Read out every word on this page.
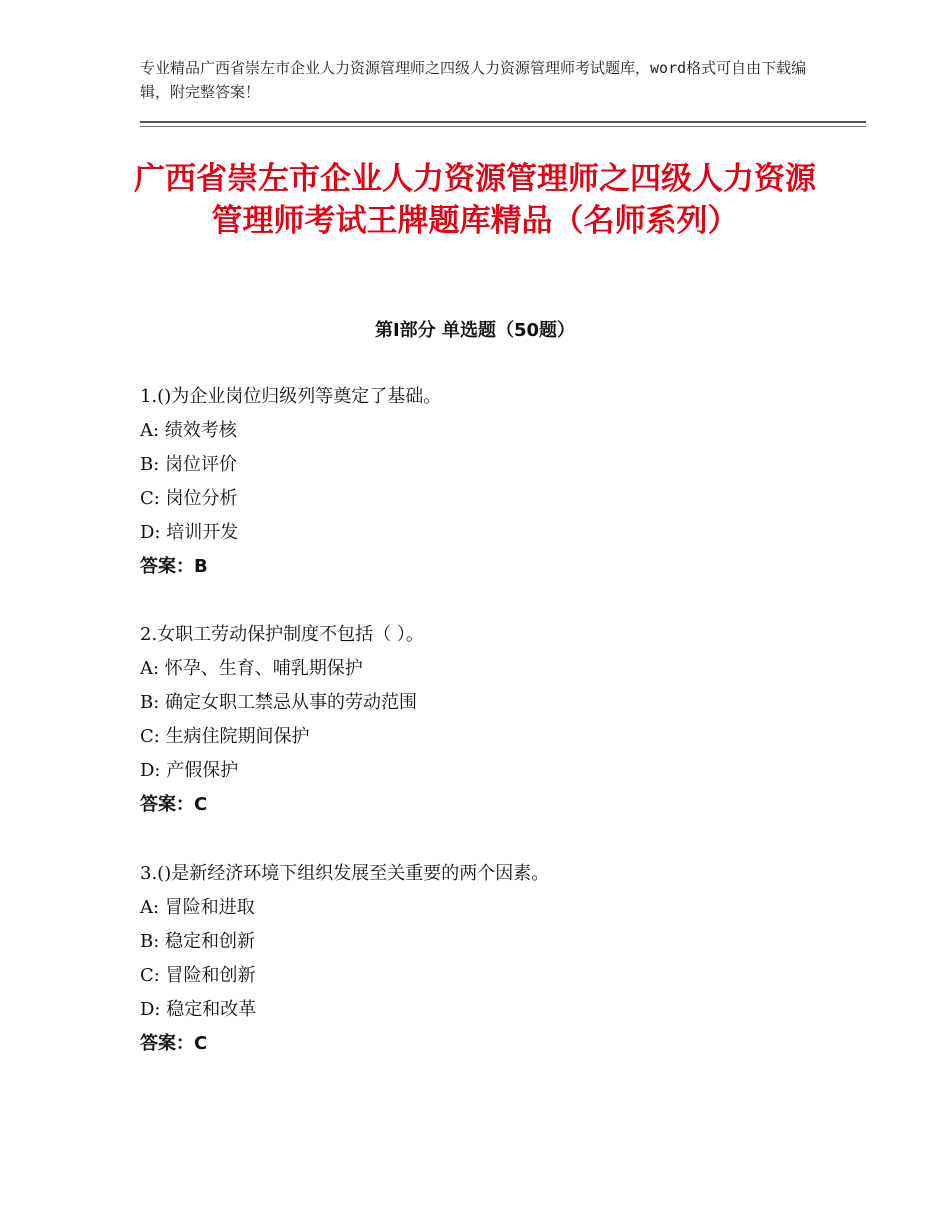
专业精品广西省崇左市企业人力资源管理师之四级人力资源管理师考试题库，word格式可自由下载编辑，附完整答案！
广西省崇左市企业人力资源管理师之四级人力资源管理师考试王牌题库精品（名师系列）
第Ⅰ部分 单选题（50题）
1.()为企业岗位归级列等奠定了基础。
A: 绩效考核
B: 岗位评价
C: 岗位分析
D: 培训开发
答案：B
2.女职工劳动保护制度不包括（ ）。
A: 怀孕、生育、哺乳期保护
B: 确定女职工禁忌从事的劳动范围
C: 生病住院期间保护
D: 产假保护
答案：C
3.()是新经济环境下组织发展至关重要的两个因素。
A: 冒险和进取
B: 稳定和创新
C: 冒险和创新
D: 稳定和改革
答案：C
